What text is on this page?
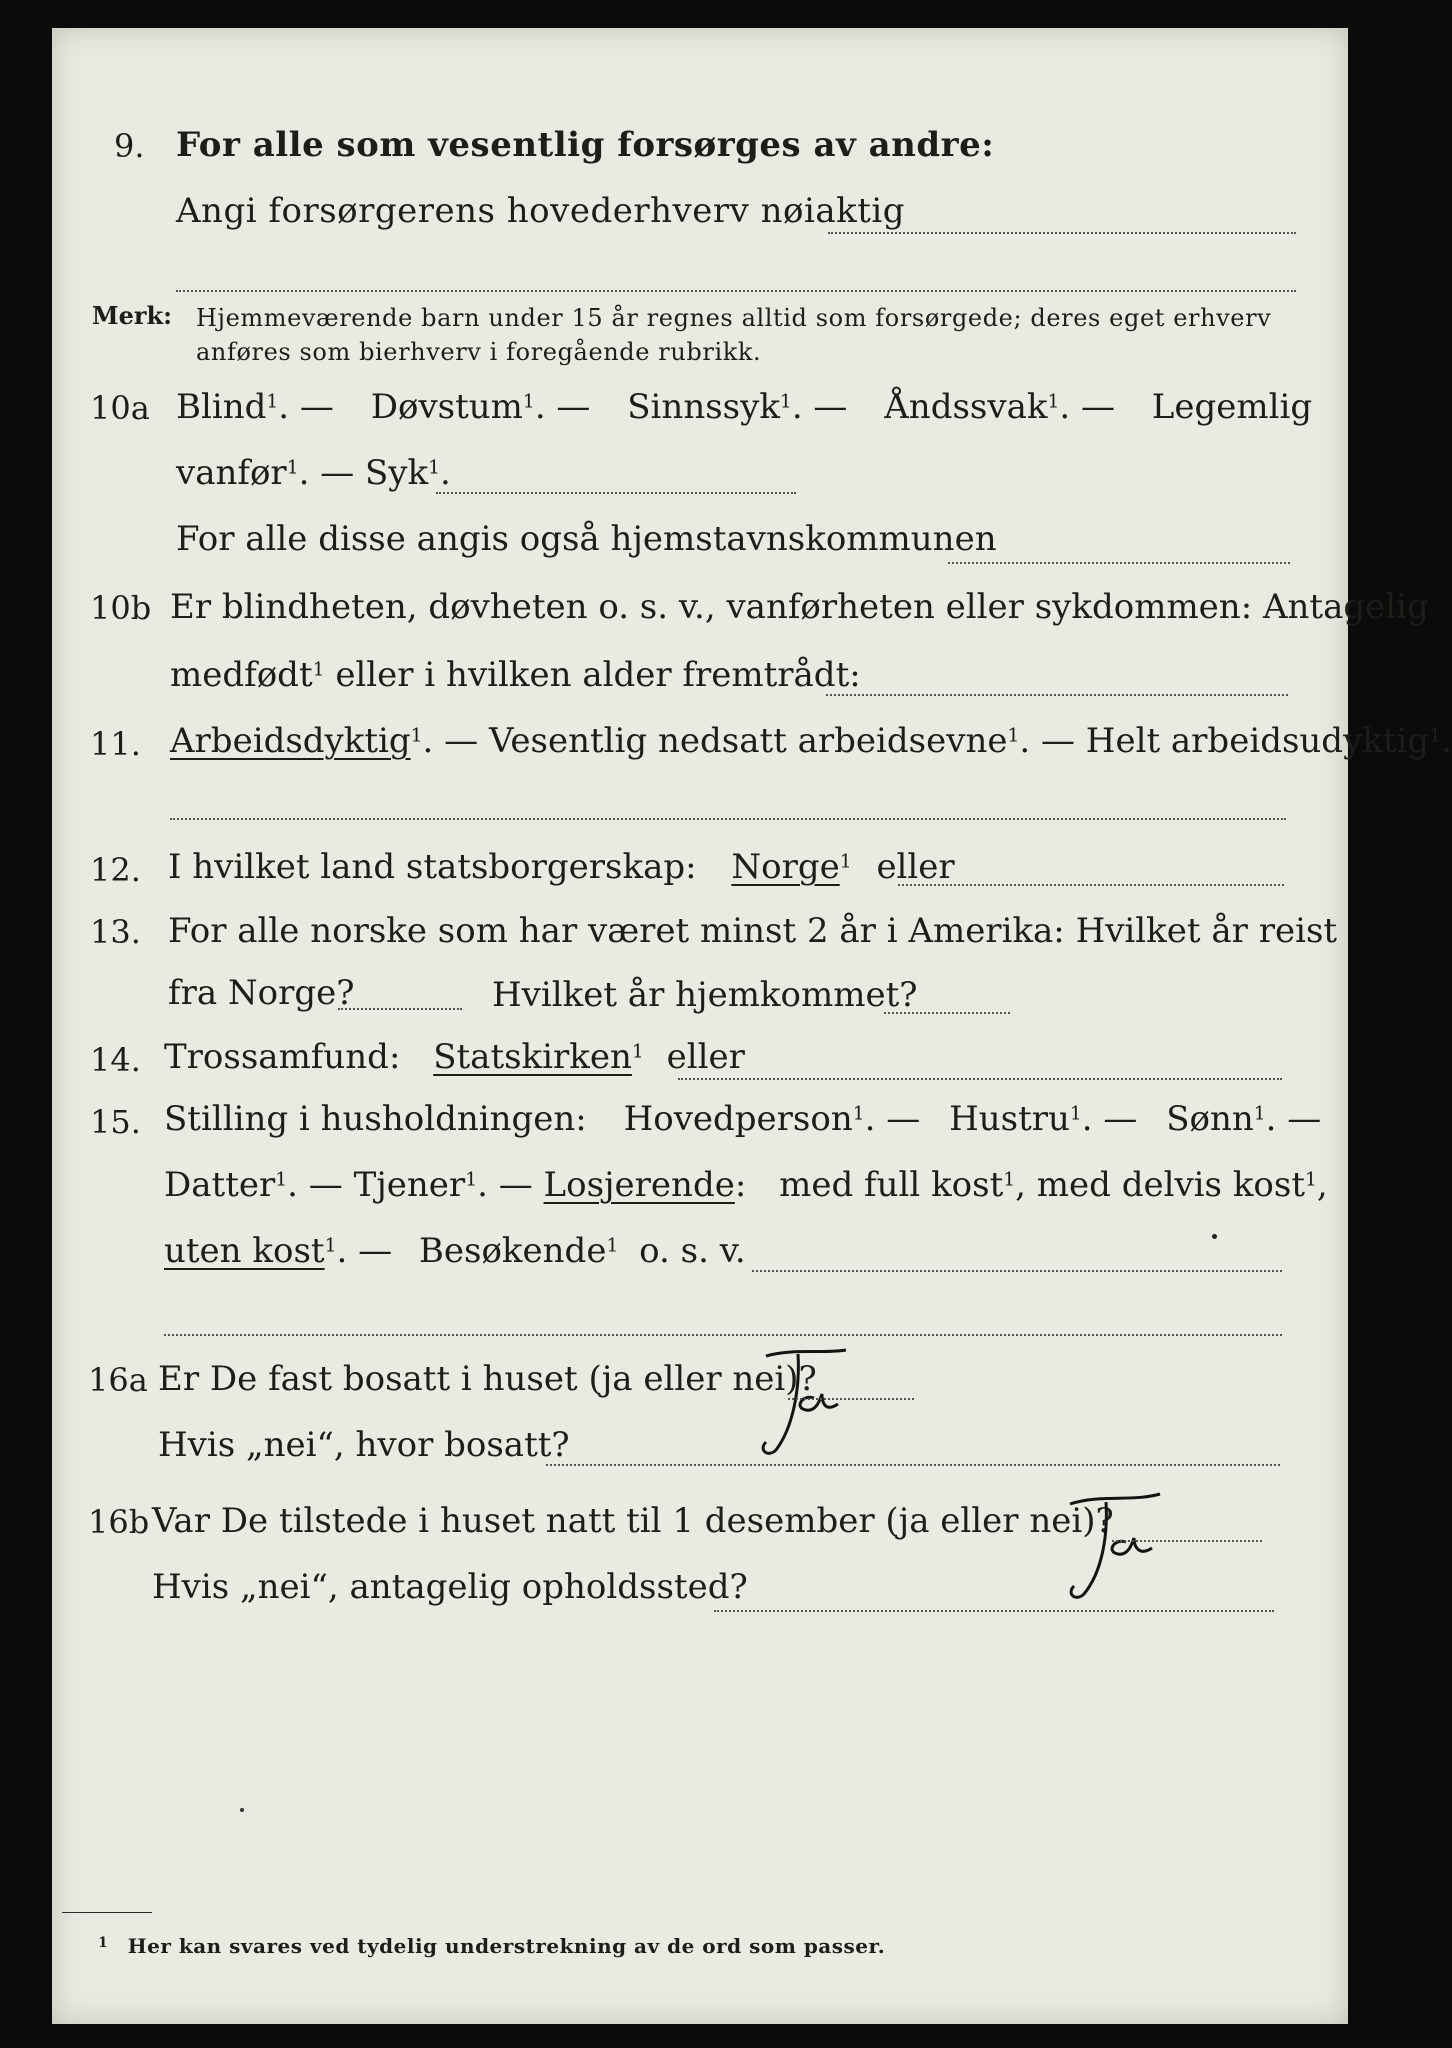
9. For alle som vesentlig forsørges av andre:
Angi forsørgerens hovederhverv nøiaktig
Merk: Hjemmeværende barn under 15 år regnes alltid som forsørgede; deres eget erhverv
anføres som bierhverv i foregående rubrikk.
10a Blind$^1$. — Døvstum$^1$. — Sinnssyk$^1$. — Åndssvak$^1$. — Legemlig
vanfør$^1$. — Syk$^1$.
For alle disse angis også hjemstavnskommunen
10b Er blindheten, døvheten o. s. v., vanførheten eller sykdommen: Antagelig
medfødt$^1$ eller i hvilken alder fremtrådt:
11. Arbeidsdyktig$^1$. — Vesentlig nedsatt arbeidsevne$^1$. — Helt arbeidsudyktig$^1$.
12. I hvilket land statsborgerskap: Norge$^1$ eller
13. For alle norske som har været minst 2 år i Amerika: Hvilket år reist
fra Norge?	Hvilket år hjemkommet?
14. Trossamfund: Statskirken$^1$ eller
15. Stilling i husholdningen: Hovedperson$^1$. — Hustru$^1$. — Sønn$^1$. —
Datter$^1$. — Tjener$^1$. — Losjerende: med full kost$^1$, med delvis kost$^1$,
uten kost$^1$. — Besøkende$^1$ o. s. v.
16a Er De fast bosatt i huset (ja eller nei)?
Hvis „nei“, hvor bosatt?
16b Var De tilstede i huset natt til 1 desember (ja eller nei)?
Hvis „nei“, antagelig opholdssted?
$^1$ Her kan svares ved tydelig understrekning av de ord som passer.
